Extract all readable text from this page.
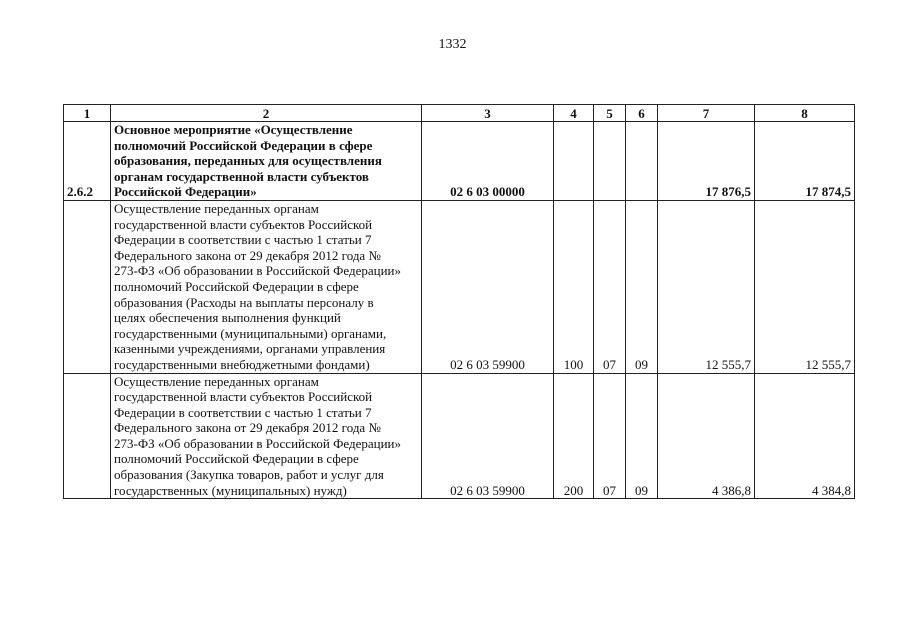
1332
1	2	3	4	5	6	7	8
2.6.2	Основное мероприятие «Осуществление полномочий Российской Федерации в сфере образования, переданных для осуществления органам государственной власти субъектов Российской Федерации»	02 6 03 00000				17 876,5	17 874,5

	Осуществление переданных органам государственной власти субъектов Российской Федерации в соответствии с частью 1 статьи 7 Федерального закона от 29 декабря 2012 года № 273-ФЗ «Об образовании в Российской Федерации» полномочий Российской Федерации в сфере образования (Расходы на выплаты персоналу в целях обеспечения выполнения функций государственными (муниципальными) органами, казенными учреждениями, органами управления государственными внебюджетными фондами)	02 6 03 59900	100	07	09	12 555,7	12 555,7

	Осуществление переданных органам государственной власти субъектов Российской Федерации в соответствии с частью 1 статьи 7 Федерального закона от 29 декабря 2012 года № 273-ФЗ «Об образовании в Российской Федерации» полномочий Российской Федерации в сфере образования (Закупка товаров, работ и услуг для государственных (муниципальных) нужд)	02 6 03 59900	200	07	09	4 386,8	4 384,8
